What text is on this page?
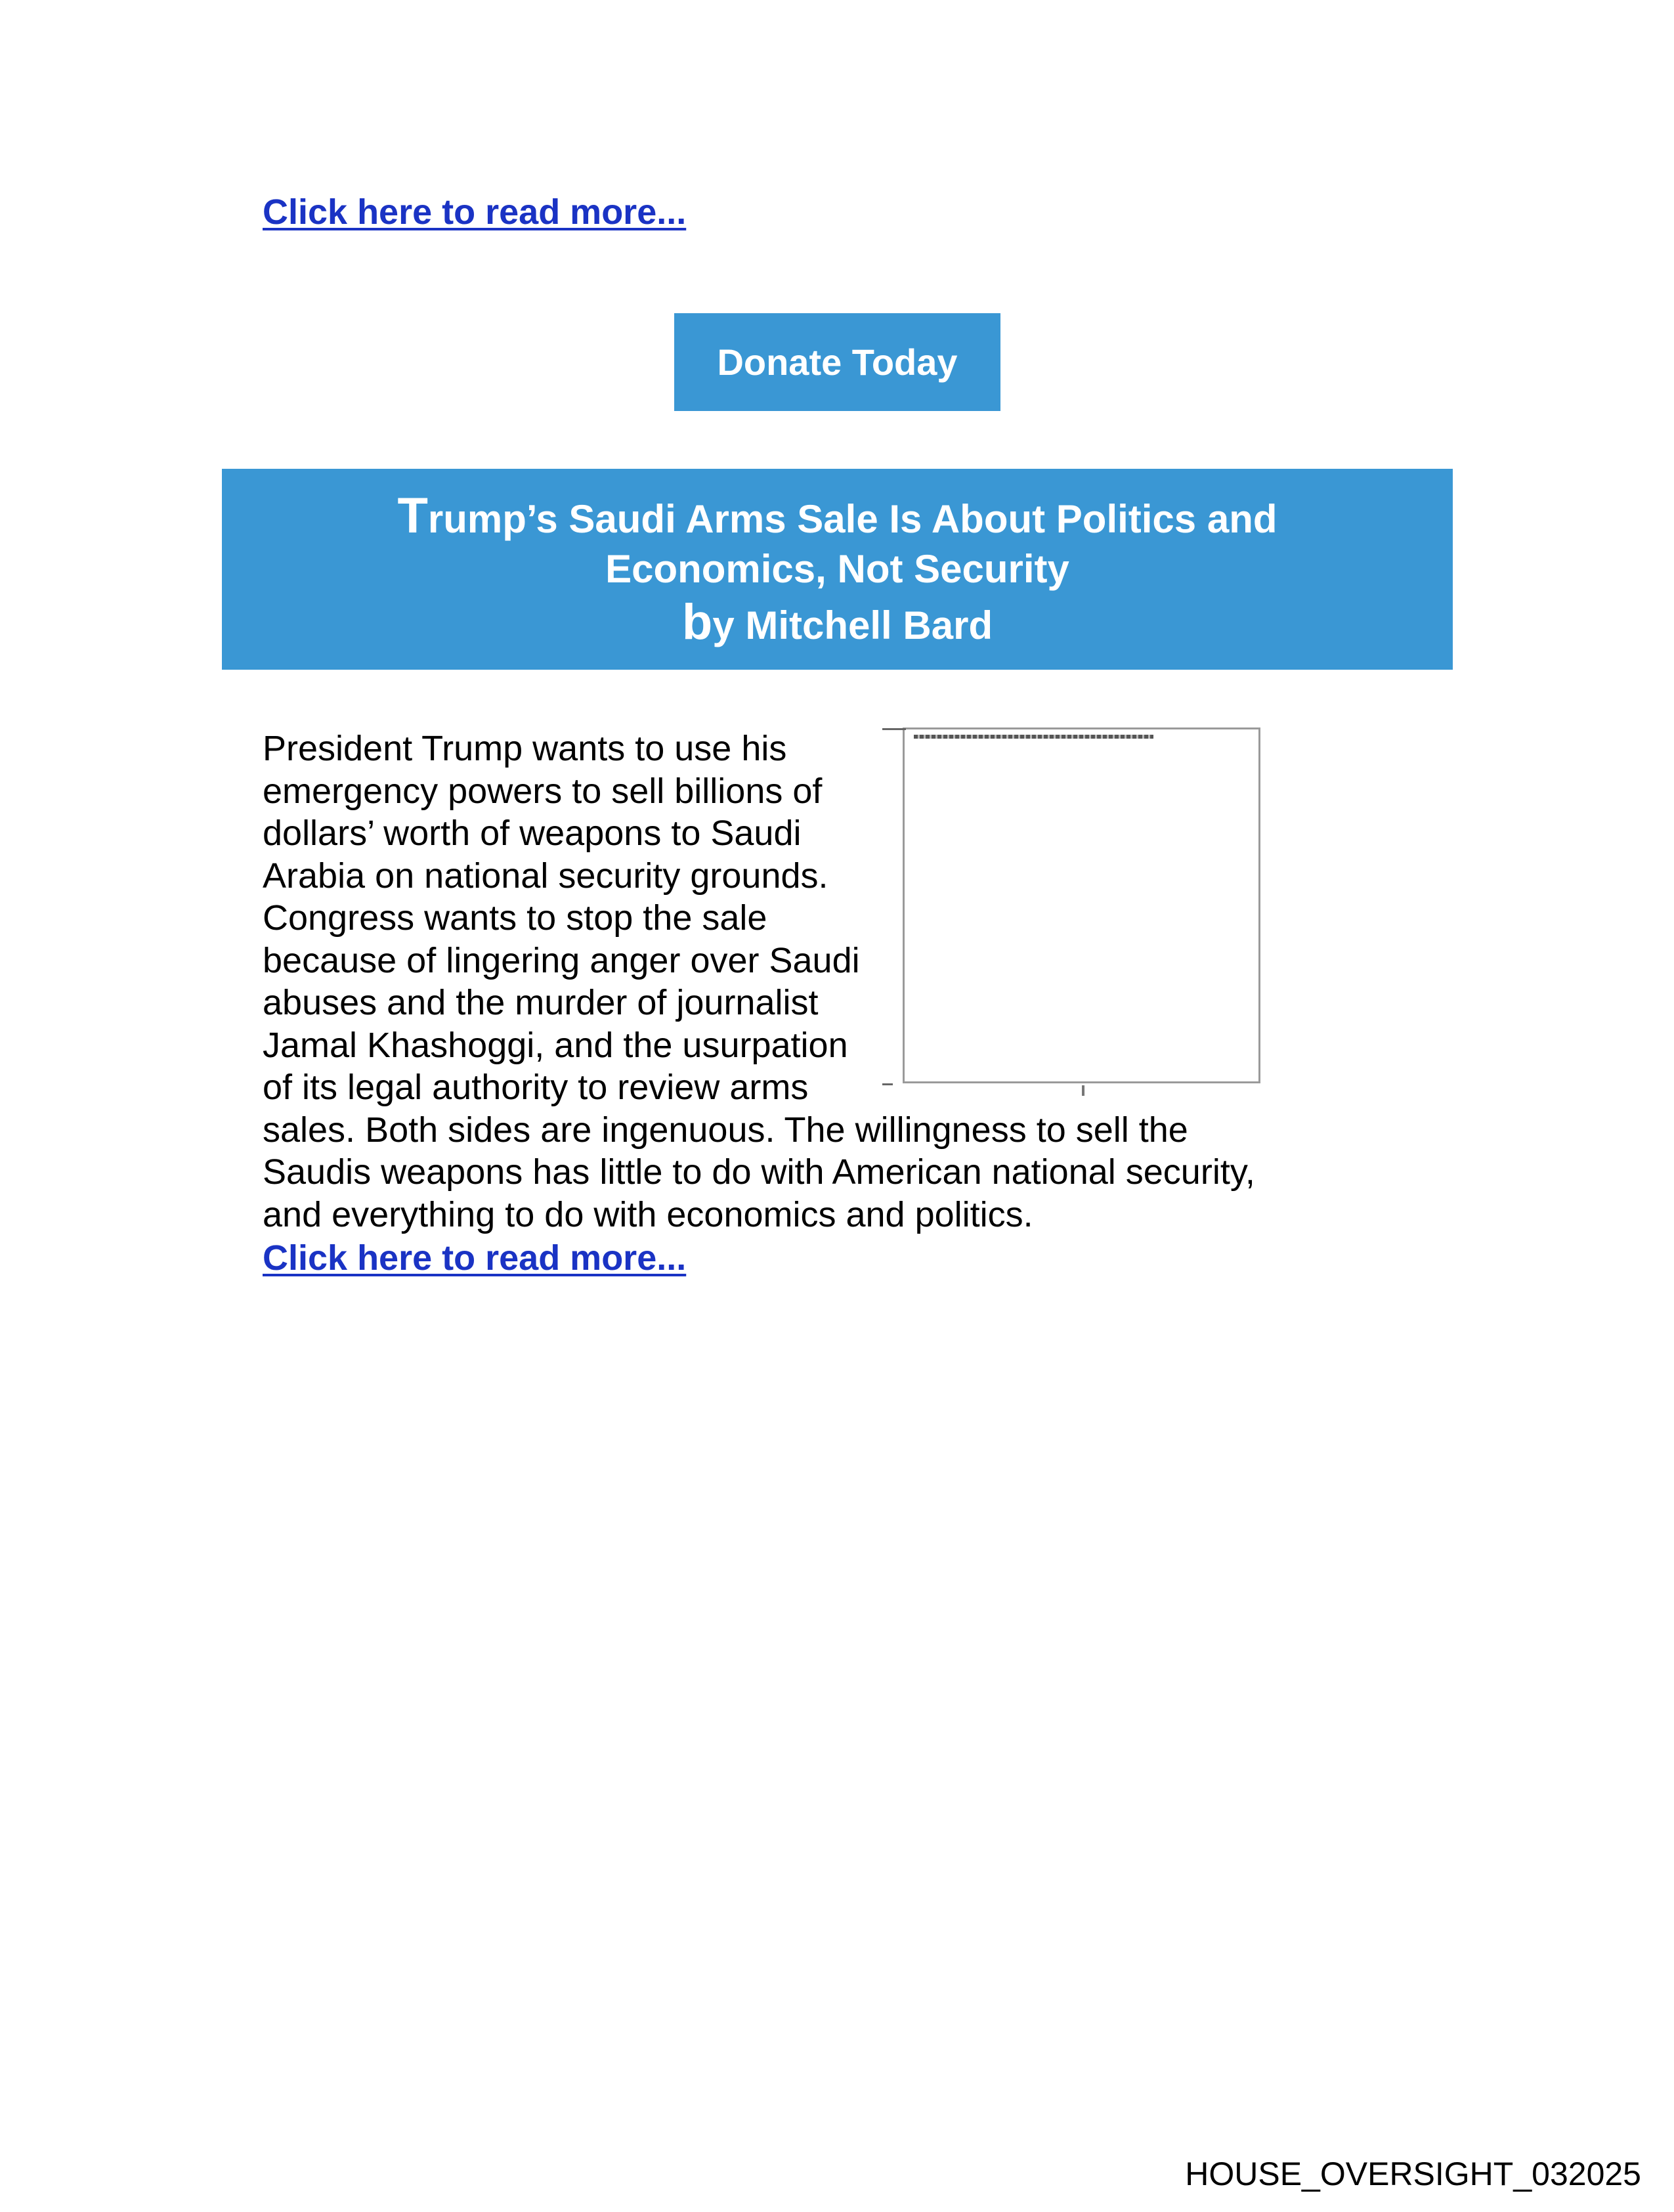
Click here to read more...
Donate Today
Trump’s Saudi Arms Sale Is About Politics and Economics, Not Security
by Mitchell Bard
President Trump wants to use his emergency powers to sell billions of dollars’ worth of weapons to Saudi Arabia on national security grounds. Congress wants to stop the sale because of lingering anger over Saudi abuses and the murder of journalist Jamal Khashoggi, and the usurpation of its legal authority to review arms sales. Both sides are ingenuous. The willingness to sell the Saudis weapons has little to do with American national security, and everything to do with economics and politics.
Click here to read more...
HOUSE_OVERSIGHT_032025
